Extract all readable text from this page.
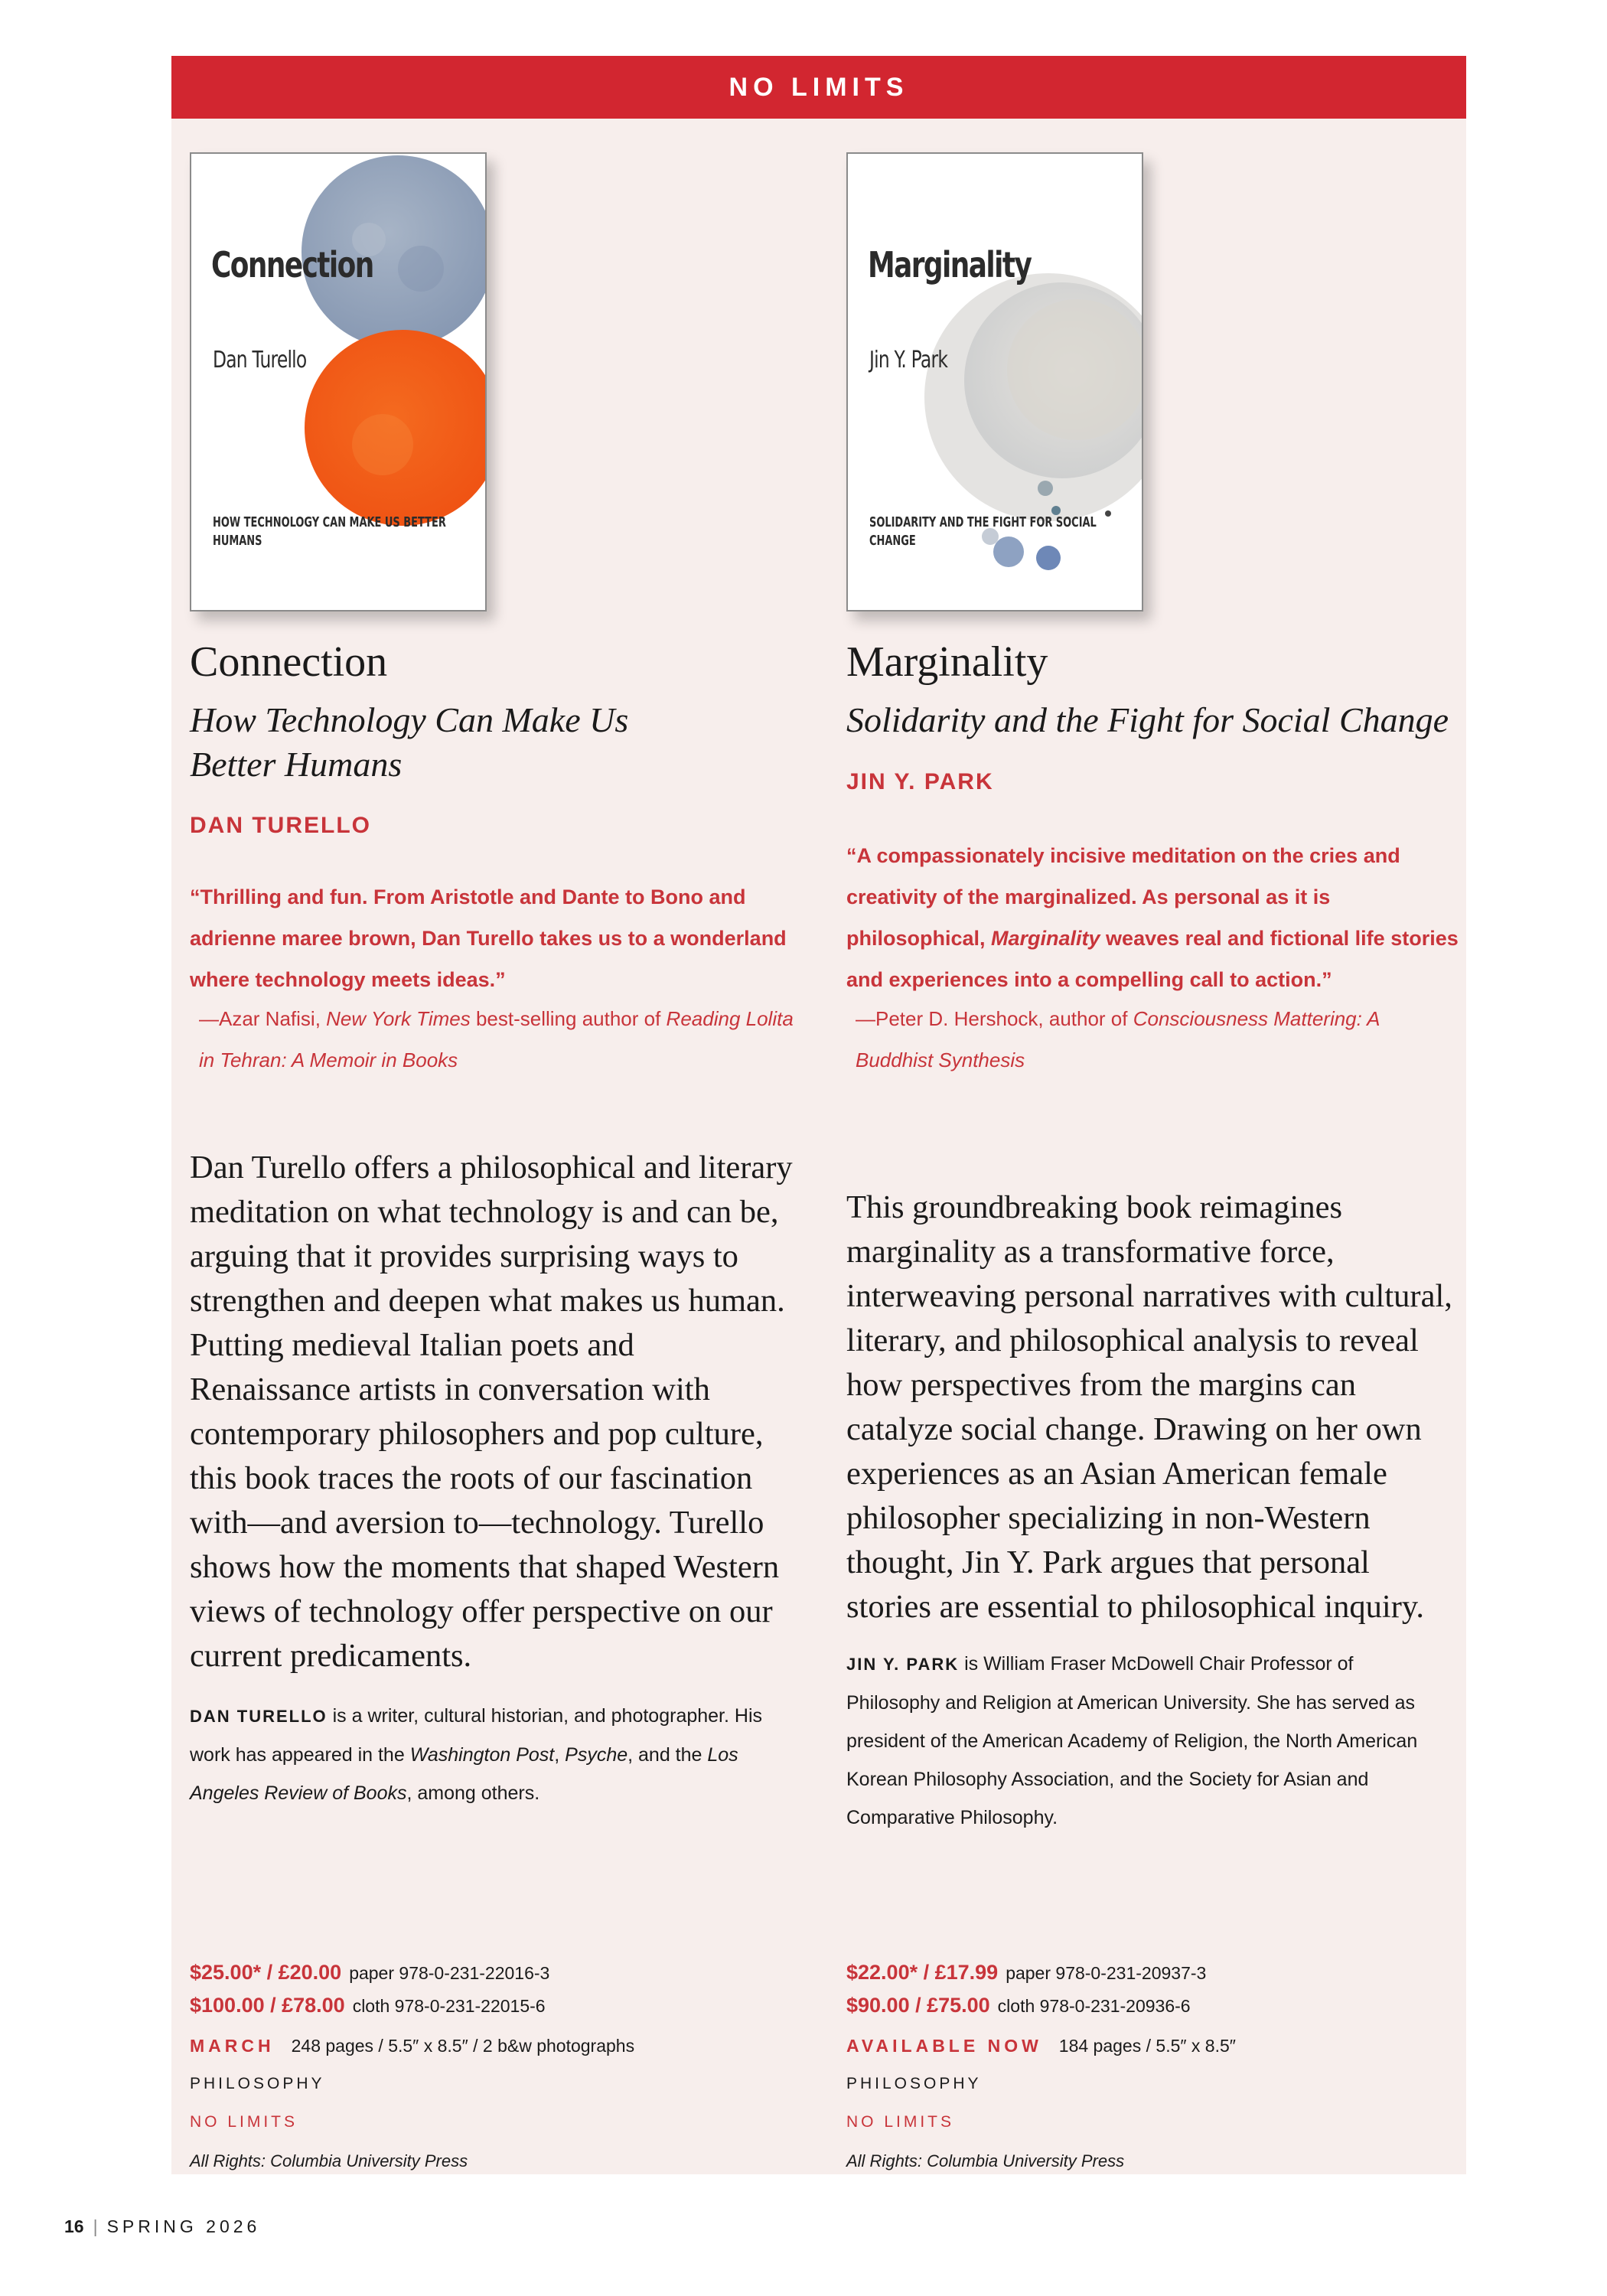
NO LIMITS
Connection
Dan Turello
HOW TECHNOLOGY CAN MAKE US BETTER HUMANS
Connection
How Technology Can Make Us Better Humans
DAN TURELLO
“Thrilling and fun. From Aristotle and Dante to Bono and adrienne maree brown, Dan Turello takes us to a wonderland where technology meets ideas.”
—Azar Nafisi, New York Times best-selling author of Reading Lolita in Tehran: A Memoir in Books
Dan Turello offers a philosophical and literary meditation on what technology is and can be, arguing that it provides surprising ways to strengthen and deepen what makes us human. Putting medieval Italian poets and Renaissance artists in conversation with contemporary philosophers and pop culture, this book traces the roots of our fascination with—and aversion to—technology. Turello shows how the moments that shaped Western views of technology offer perspective on our current predicaments.
DAN TURELLO is a writer, cultural historian, and photographer. His work has appeared in the Washington Post, Psyche, and the Los Angeles Review of Books, among others.
$25.00* / £20.00 paper 978-0-231-22016-3
$100.00 / £78.00 cloth 978-0-231-22015-6
MARCH 248 pages / 5.5″ x 8.5″ / 2 b&w photographs
PHILOSOPHY
NO LIMITS
All Rights: Columbia University Press
Marginality
Jin Y. Park
SOLIDARITY AND THE FIGHT FOR SOCIAL CHANGE
Marginality
Solidarity and the Fight for Social Change
JIN Y. PARK
“A compassionately incisive meditation on the cries and creativity of the marginalized. As personal as it is philosophical, Marginality weaves real and fictional life stories and experiences into a compelling call to action.”
—Peter D. Hershock, author of Consciousness Mattering: A Buddhist Synthesis
This groundbreaking book reimagines marginality as a transformative force, interweaving personal narratives with cultural, literary, and philosophical analysis to reveal how perspectives from the margins can catalyze social change. Drawing on her own experiences as an Asian American female philosopher specializing in non-Western thought, Jin Y. Park argues that personal stories are essential to philosophical inquiry.
JIN Y. PARK is William Fraser McDowell Chair Professor of Philosophy and Religion at American University. She has served as president of the American Academy of Religion, the North American Korean Philosophy Association, and the Society for Asian and Comparative Philosophy.
$22.00* / £17.99 paper 978-0-231-20937-3
$90.00 / £75.00 cloth 978-0-231-20936-6
AVAILABLE NOW 184 pages / 5.5″ x 8.5″
PHILOSOPHY
NO LIMITS
All Rights: Columbia University Press
16 | SPRING 2026
